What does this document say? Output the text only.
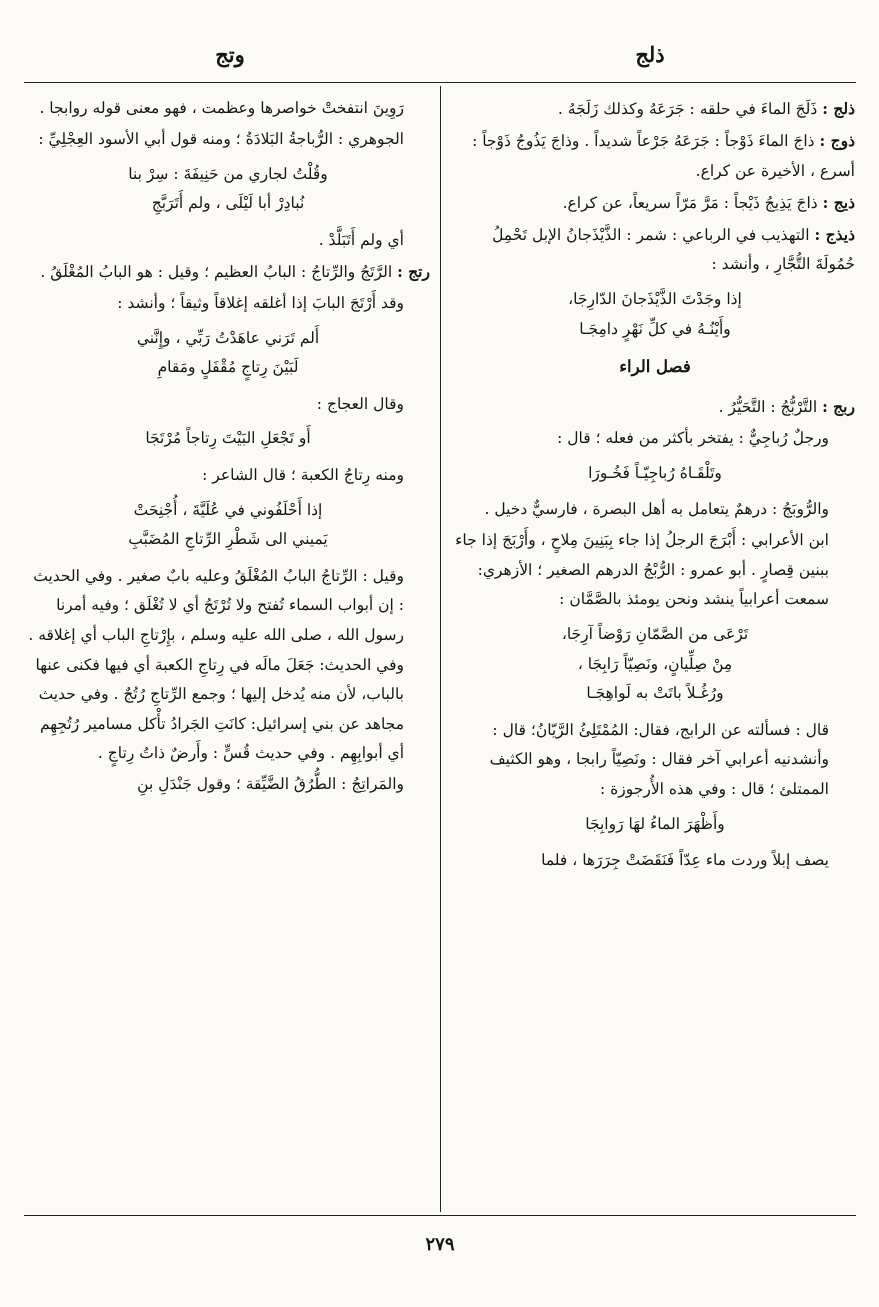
ذلج
وتج

ذلج : ذَلَجَ الماءَ في حلقه : جَرَعَهُ وكذلك زَلَجَهُ .

ذوج : ذاجَ الماءَ ذَوْجاً : جَرَعَهُ جَرْعاً شديداً . وذاجَ يَذُوجُ ذَوْجاً : أسرع ، الأخيرة عن كراع.

ذيج : ذاجَ يَذِيجُ ذَيْجاً : مَرَّ مَرّاً سريعاً، عن كراع.

ذيذج : التهذيب في الرباعي : شمر : الذَّيْذَجانُ الإبل تَحْمِلُ حُمُولَةَ التُّجَّارِ ، وأنشد :

إذا وجَدْتَ الذَّيْذَجانَ الدّارِجَا،
وأَيْنُـهُ في كلِّ نَهْرٍ دامِجَـا
فصل الراء

ربج : التَّرْبُّجُ : التَّحَيُّرُ .

ورجلٌ رُباجِيٌّ : يفتخر بأكثر من فعله ؛ قال :

وتَلْقَـاهُ رُباجِيّـاً فَخُـورَا

والرُّوبَجُ : درهمٌ يتعامل به أهل البصرة ، فارسيٌّ دخيل .

ابن الأعرابي : أَبْرَجَ الرجلُ إذا جاء بِبَنِينَ مِلاحٍ ، وأَرْبَجَ إذا جاء ببنين قِصارٍ . أبو عمرو : الرُّبْجُ الدرهم الصغير ؛ الأزهري: سمعت أعرابياً ينشد ونحن يومئذ بالصَّمَّان :

تَرْعَى من الصَّمّانِ رَوْضاً آرِجَا،
مِنْ صِلِّيانٍ، ونَصِيّاً رَابِجَا ،
ورُغُـلاً باتَتْ به لَواهِجَـا

قال : فسألته عن الرابج، فقال: المُمْتَلِئُ الرَّيّانُ؛ قال : وأنشدنيه أعرابي آخر فقال : ونَصِيّاً رابجا ، وهو الكثيف الممتلئ ؛ قال : وفي هذه الأُرجوزة :

وأَظْهَرَ الماءُ لهَا رَوابِجَا

يصف إبلاً وردت ماء عِدّاً فَنَقَضَتْ جِرَرَها ، فلما

رَوِينَ انتفختْ خواصرها وعظمت ، فهو معنى قوله روابجا .

الجوهري : الرُّباجةُ البَلادَةُ ؛ ومنه قول أبي الأسود العِجْلِيِّ :

وقُلْتُ لجاري من حَنِيفَةَ : سِرْ بنا
نُبادِرْ أبا لَيْلَى ، ولم أَتَرَبَّجِ

أي ولم أَتَبَلَّدْ .

رتج : الرَّتَجُ والرِّتاجُ : البابُ العظيم ؛ وقيل : هو البابُ المُغْلَقُ .

وقد أَرْتَجَ البابَ إذا أغلقه إغلاقاً وثيقاً ؛ وأنشد :

أَلم تَرَني عاهَدْتُ رَبِّي ، وإِنَّني
لَبَيْنَ رِتاجٍ مُقْفَلٍ ومَقامِ

وقال العجاج :

أَو تَجْعَلِ البَيْتَ رِتاجاً مُرْتَجَا

ومنه رِتاجُ الكعبة ؛ قال الشاعر :

إذا أَحْلَفُوني في عُلَيَّةَ ، أُجْنِحَتْ
يَميني الى شَطْرِ الرِّتاجِ المُضَبَّبِ

وقيل : الرِّتاجُ البابُ المُغْلَقُ وعليه بابٌ صغير . وفي الحديث : إن أبواب السماء تُفتح ولا تُرْتَجُ أي لا تُغْلَق ؛ وفيه أمرنا رسول الله ، صلى الله عليه وسلم ، بإِرْتاجِ الباب أي إغلاقه . وفي الحديث: جَعَلَ مالَه في رِتاجِ الكعبة أي فيها فكنى عنها بالباب، لأن منه يُدخل إليها ؛ وجمع الرِّتاجِ رُتُجٌ . وفي حديث مجاهد عن بني إسرائيل: كانَتِ الجَرادُ تأْكل مسامير رُتُجِهِم أي أبوابِهِم . وفي حديث قُسٍّ : وأَرضٌ ذاتُ رِتاجٍ .

والمَراتِجُ : الطُّرُقُ الضَّيِّقة ؛ وقول جَنْدَلِ بنِ

٢٧٩
